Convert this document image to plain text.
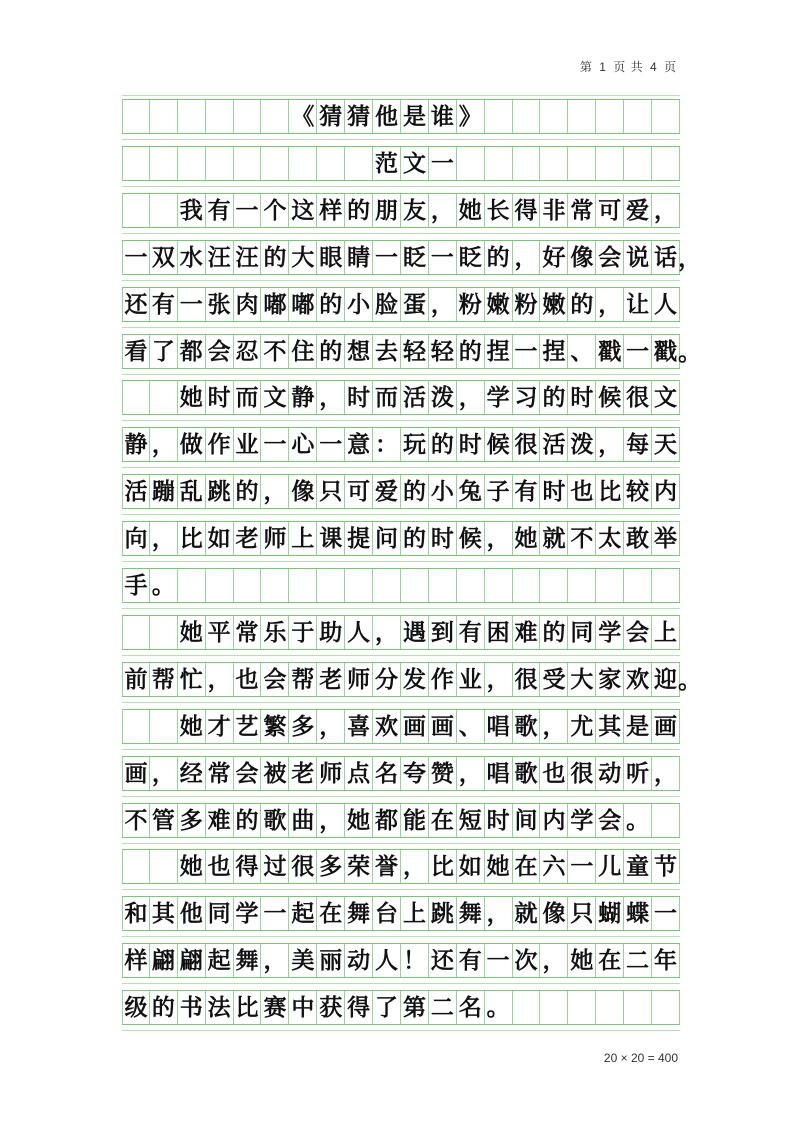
第 1 页 共 4 页
《 猜 猜 他 是 谁 》
范 文 一
我 有 一 个 这 样 的 朋 友 ， 她 长 得 非 常 可 爱 ，
一 双 水 汪 汪 的 大 眼 睛 一 眨 一 眨 的 ， 好 像 会 说 话 ，
还 有 一 张 肉 嘟 嘟 的 小 脸 蛋 ， 粉 嫩 粉 嫩 的 ， 让 人
看 了 都 会 忍 不 住 的 想 去 轻 轻 的 捏 一 捏 、 戳 一 戳 。
她 时 而 文 静 ， 时 而 活 泼 ， 学 习 的 时 候 很 文
静 ， 做 作 业 一 心 一 意 ： 玩 的 时 候 很 活 泼 ， 每 天
活 蹦 乱 跳 的 ， 像 只 可 爱 的 小 兔 子 有 时 也 比 较 内
向 ， 比 如 老 师 上 课 提 问 的 时 候 ， 她 就 不 太 敢 举
手 。
她 平 常 乐 于 助 人 ， 遇 到 有 困 难 的 同 学 会 上
前 帮 忙 ， 也 会 帮 老 师 分 发 作 业 ， 很 受 大 家 欢 迎 。
她 才 艺 繁 多 ， 喜 欢 画 画 、 唱 歌 ， 尤 其 是 画
画 ， 经 常 会 被 老 师 点 名 夸 赞 ， 唱 歌 也 很 动 听 ，
不 管 多 难 的 歌 曲 ， 她 都 能 在 短 时 间 内 学 会 。
她 也 得 过 很 多 荣 誉 ， 比 如 她 在 六 一 儿 童 节
和 其 他 同 学 一 起 在 舞 台 上 跳 舞 ， 就 像 只 蝴 蝶 一
样 翩 翩 起 舞 ， 美 丽 动 人 ！ 还 有 一 次 ， 她 在 二 年
级 的 书 法 比 赛 中 获 得 了 第 二 名 。
20 × 20 = 400
